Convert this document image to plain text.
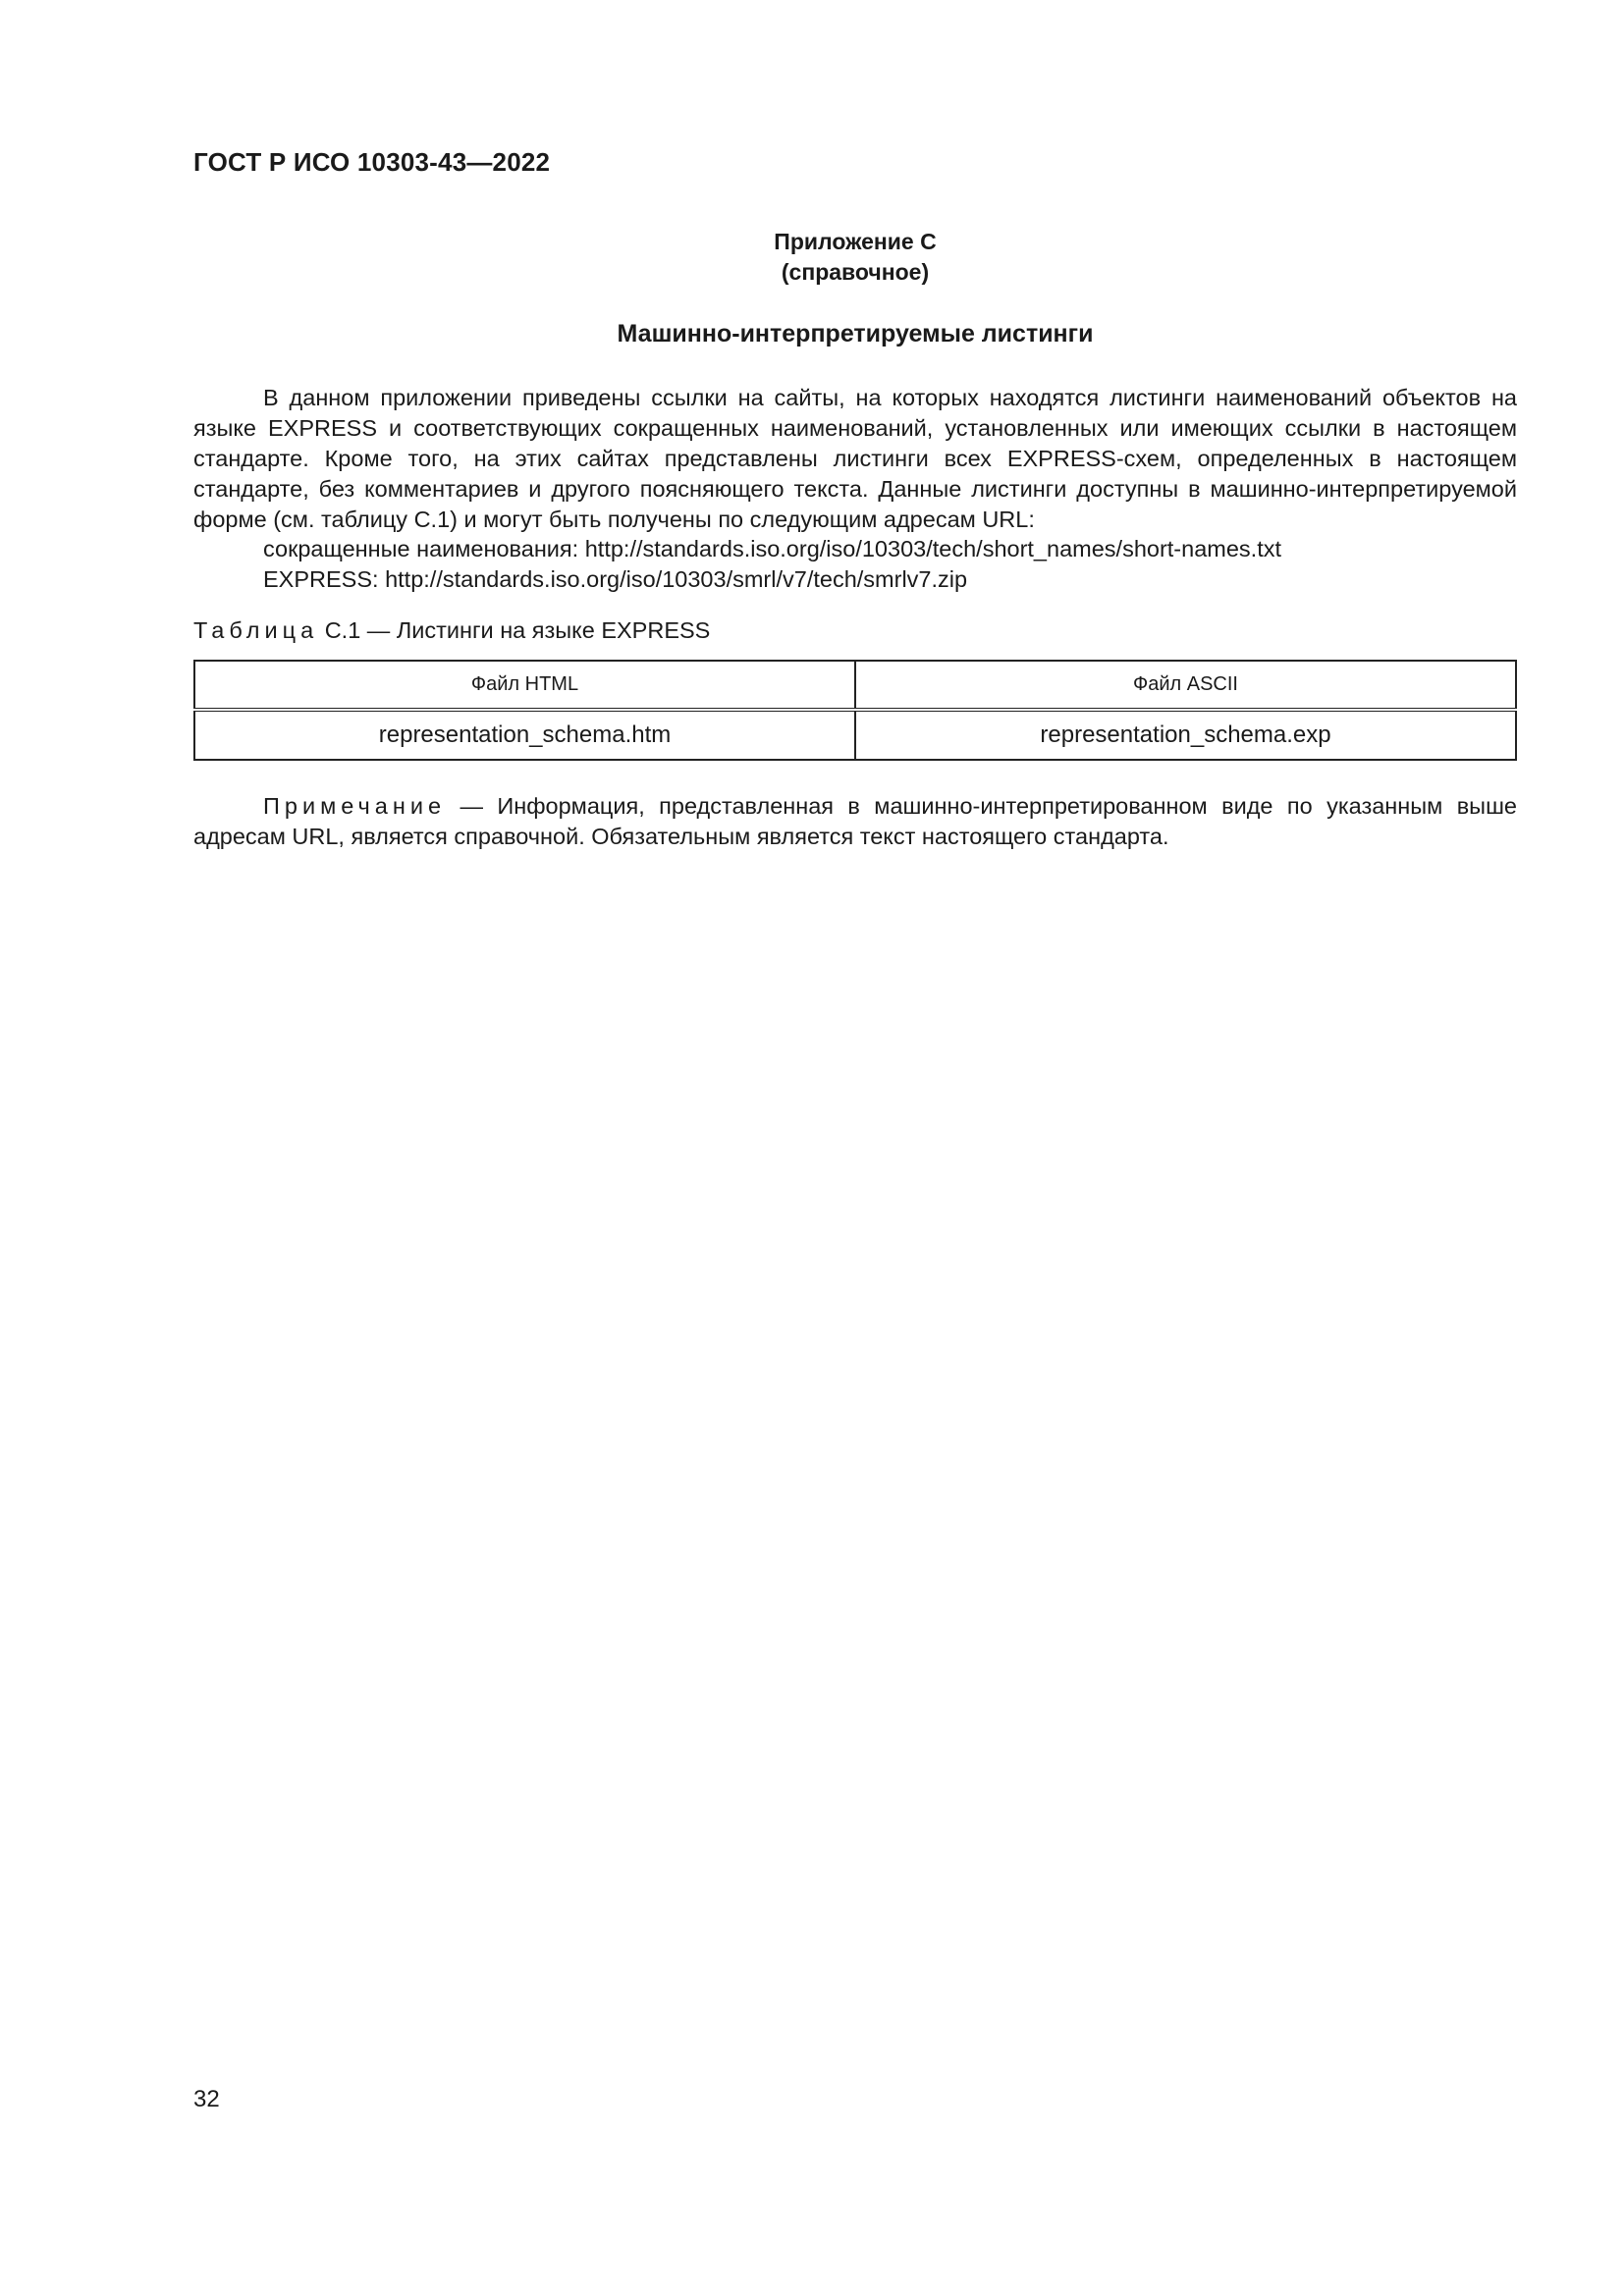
ГОСТ Р ИСО 10303-43—2022
Приложение С
(справочное)
Машинно-интерпретируемые листинги

В данном приложении приведены ссылки на сайты, на которых находятся листинги наименований объектов на языке EXPRESS и соответствующих сокращенных наименований, установленных или имеющих ссылки в настоящем стандарте. Кроме того, на этих сайтах представлены листинги всех EXPRESS-схем, определенных в настоящем стандарте, без комментариев и другого поясняющего текста. Данные листинги доступны в машинно-интерпретируемой форме (см. таблицу С.1) и могут быть получены по следующим адресам URL:

сокращенные наименования: http://standards.iso.org/iso/10303/tech/short_names/short-names.txt
EXPRESS: http://standards.iso.org/iso/10303/smrl/v7/tech/smrlv7.zip
Таблица С.1 — Листинги на языке EXPRESS
Файл HTML	Файл ASCII
representation_schema.htm	representation_schema.exp

Примечание — Информация, представленная в машинно-интерпретированном виде по указанным выше адресам URL, является справочной. Обязательным является текст настоящего стандарта.

32
